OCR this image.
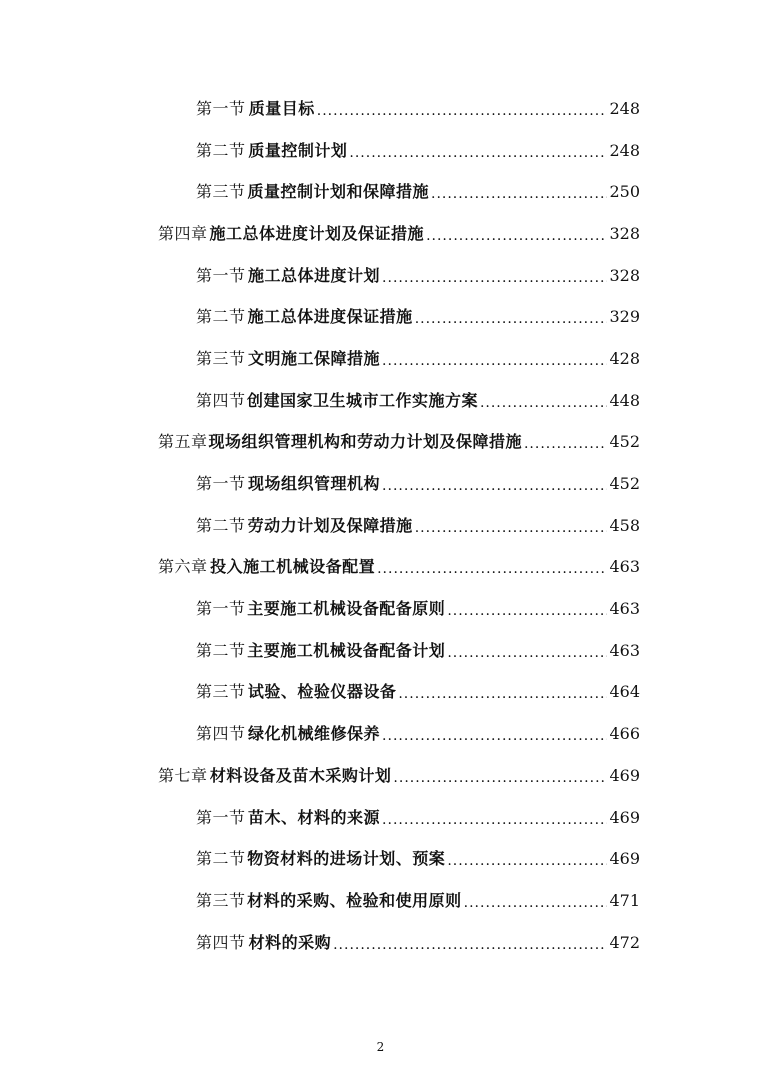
第一节 质量目标 .....	248
第二节 质量控制计划 .....	248
第三节 质量控制计划和保障措施 .....	250
第四章 施工总体进度计划及保证措施 .....	328
第一节 施工总体进度计划 .....	328
第二节 施工总体进度保证措施 .....	329
第三节 文明施工保障措施 .....	428
第四节 创建国家卫生城市工作实施方案 .....	448
第五章 现场组织管理机构和劳动力计划及保障措施 .....	452
第一节 现场组织管理机构 .....	452
第二节 劳动力计划及保障措施 .....	458
第六章 投入施工机械设备配置 .....	463
第一节 主要施工机械设备配备原则 .....	463
第二节 主要施工机械设备配备计划 .....	463
第三节 试验、检验仪器设备 .....	464
第四节 绿化机械维修保养 .....	466
第七章 材料设备及苗木采购计划 .....	469
第一节 苗木、材料的来源 .....	469
第二节 物资材料的进场计划、预案 .....	469
第三节 材料的采购、检验和使用原则 .....	471
第四节 材料的采购 .....	472
2
